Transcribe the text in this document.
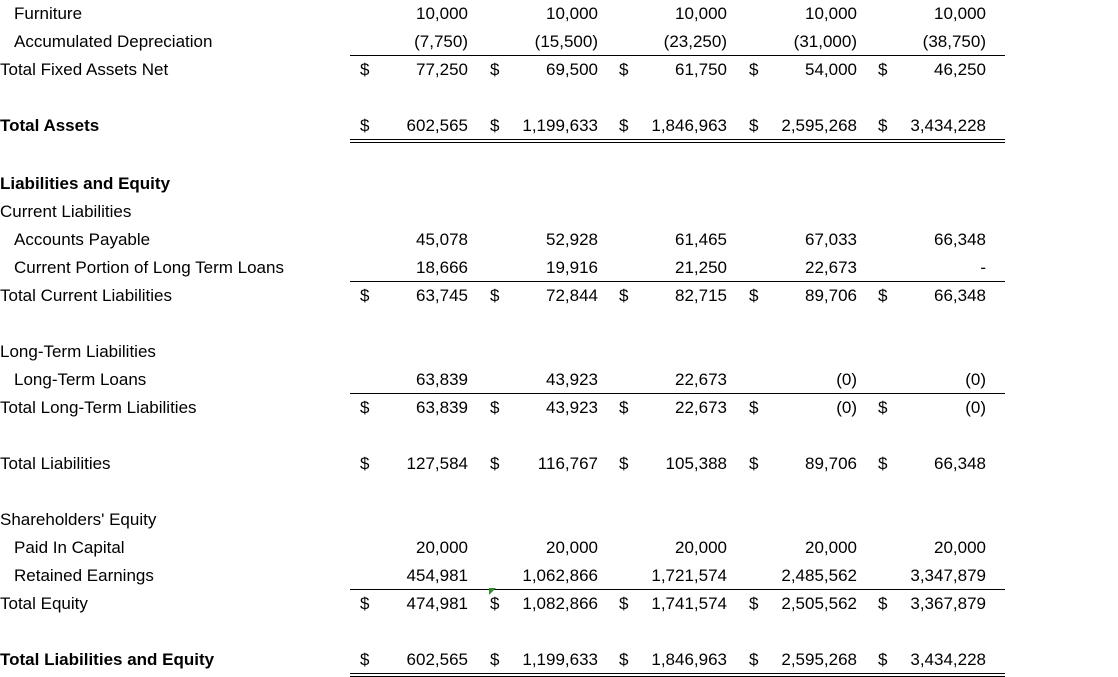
Furniture	10,000	10,000	10,000	10,000	10,000
Accumulated Depreciation	(7,750)	(15,500)	(23,250)	(31,000)	(38,750)
Total Fixed Assets Net	$	77,250 $	69,500 $	61,750 $	54,000 $	46,250
Total Assets	$ 602,565 $ 1,199,633 $ 1,846,963 $ 2,595,268 $ 3,434,228
Liabilities and Equity
Current Liabilities
Accounts Payable	45,078	52,928	61,465	67,033	66,348
Current Portion of Long Term Loans	18,666	19,916	21,250	22,673	-
Total Current Liabilities	$	63,745 $	72,844 $	82,715 $	89,706 $	66,348
Long-Term Liabilities
Long-Term Loans	63,839	43,923	22,673	(0)	(0)
Total Long-Term Liabilities	$	63,839 $	43,923 $	22,673 $	(0) $	(0)
Total Liabilities	$ 127,584 $ 116,767 $ 105,388 $	89,706 $	66,348
Shareholders' Equity
Paid In Capital	20,000	20,000	20,000	20,000	20,000
Retained Earnings	454,981	1,062,866	1,721,574	2,485,562	3,347,879
Total Equity	$ 474,981 $ 1,082,866 $ 1,741,574 $ 2,505,562 $ 3,367,879
Total Liabilities and Equity	$ 602,565 $ 1,199,633 $ 1,846,963 $ 2,595,268 $ 3,434,228
